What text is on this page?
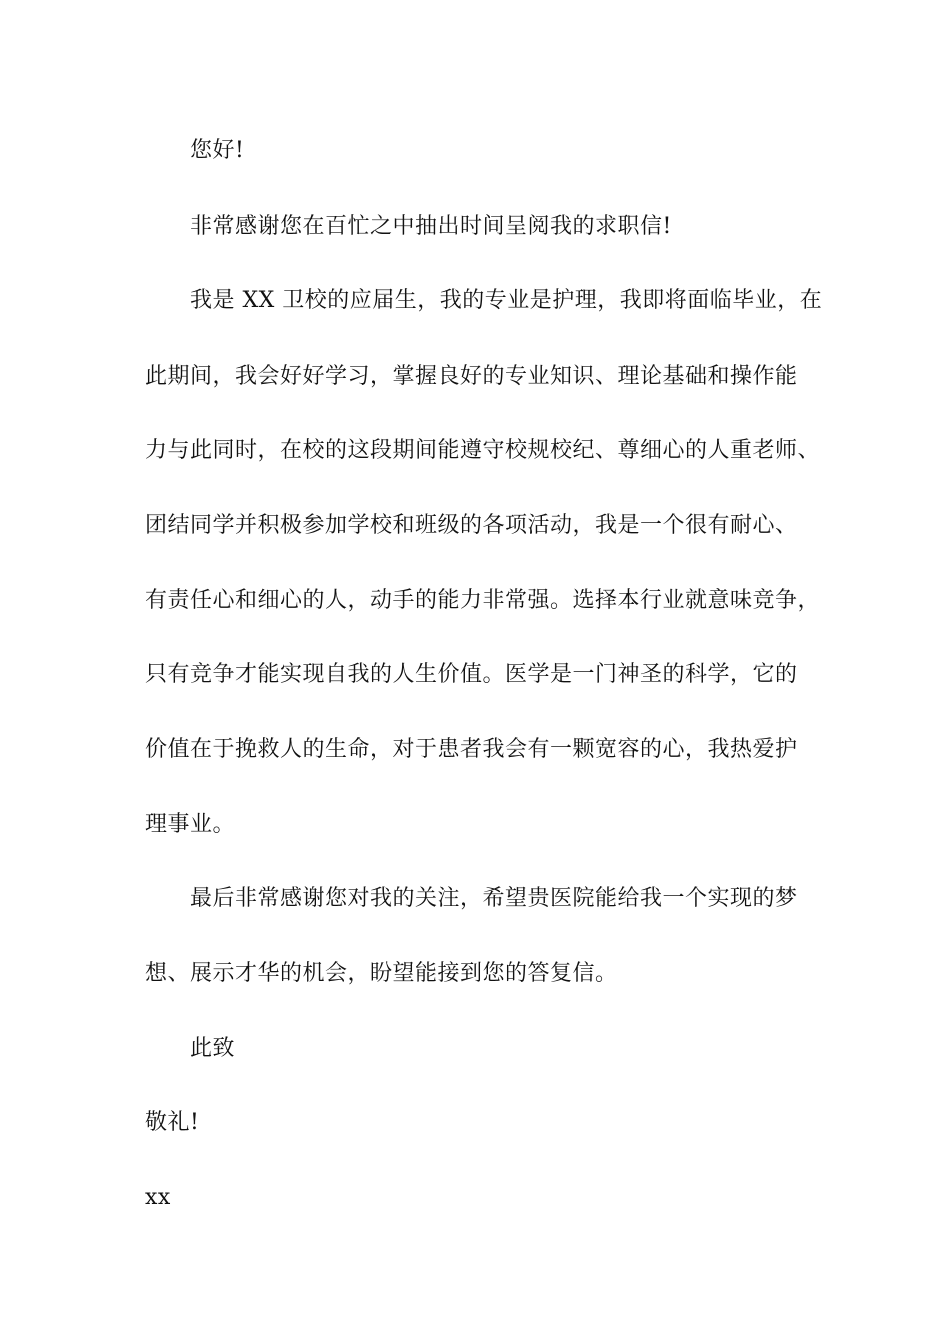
您好!
非常感谢您在百忙之中抽出时间呈阅我的求职信!
我是 XX 卫校的应届生，我的专业是护理，我即将面临毕业，在
此期间，我会好好学习，掌握良好的专业知识、理论基础和操作能
力与此同时，在校的这段期间能遵守校规校纪、尊细心的人重老师、
团结同学并积极参加学校和班级的各项活动，我是一个很有耐心、
有责任心和细心的人，动手的能力非常强。选择本行业就意味竞争，
只有竞争才能实现自我的人生价值。医学是一门神圣的科学，它的
价值在于挽救人的生命，对于患者我会有一颗宽容的心，我热爱护
理事业。
最后非常感谢您对我的关注，希望贵医院能给我一个实现的梦
想、展示才华的机会，盼望能接到您的答复信。
此致
敬礼!
xx
